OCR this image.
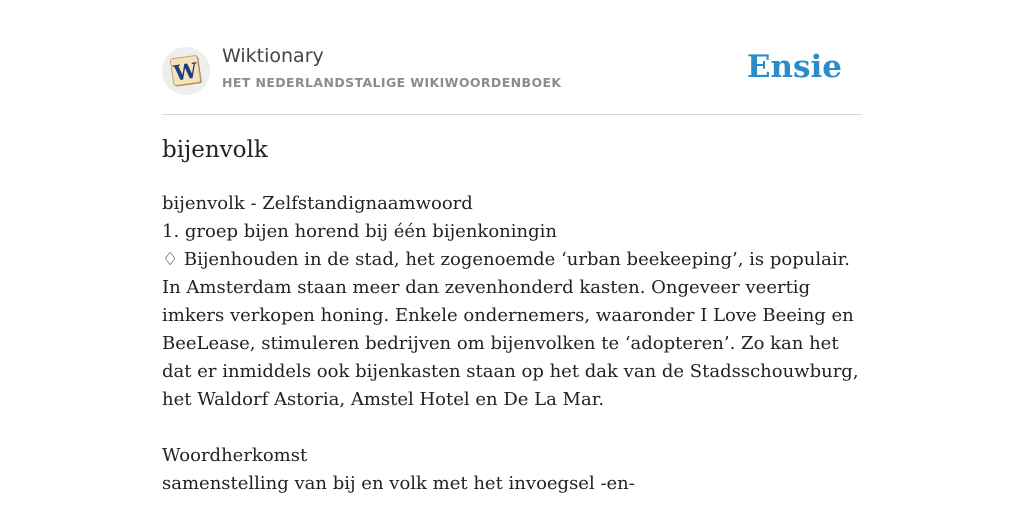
W
Wiktionary
HET NEDERLANDSTALIGE WIKIWOORDENBOEK	Ensie
bijenvolk

bijenvolk - Zelfstandignaamwoord

1. groep bijen horend bij één bijenkoningin

♢ Bijenhouden in de stad, het zogenoemde ‘urban beekeeping’, is populair. In Amsterdam staan meer dan zevenhonderd kasten. Ongeveer veertig imkers verkopen honing. Enkele ondernemers, waaronder I Love Beeing en BeeLease, stimuleren bedrijven om bijenvolken te ‘adopteren’. Zo kan het dat er inmiddels ook bijenkasten staan op het dak van de Stadsschouwburg, het Waldorf Astoria, Amstel Hotel en De La Mar.

Woordherkomst

samenstelling van bij en volk met het invoegsel -en-
